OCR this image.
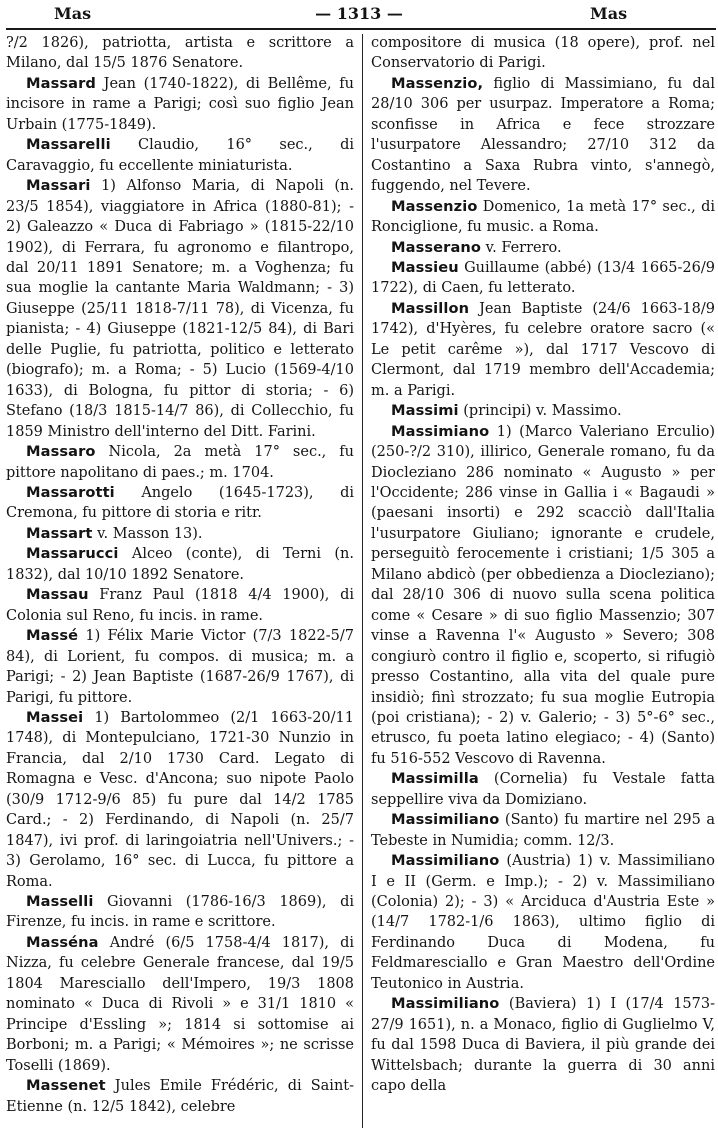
Mas	— 1313 —	Mas

?/2 1826), patriotta, artista e scrittore a Milano, dal 15/5 1876 Senatore.

Massard Jean (1740-1822), di Bellême, fu incisore in rame a Parigi; così suo figlio Jean Urbain (1775-1849).

Massarelli Claudio, 16° sec., di Caravaggio, fu eccellente miniaturista.

Massari 1) Alfonso Maria, di Napoli (n. 23/5 1854), viaggiatore in Africa (1880-81); - 2) Galeazzo « Duca di Fabriago » (1815-22/10 1902), di Ferrara, fu agronomo e filantropo, dal 20/11 1891 Senatore; m. a Voghenza; fu sua moglie la cantante Maria Waldmann; - 3) Giuseppe (25/11 1818-7/11 78), di Vicenza, fu pianista; - 4) Giuseppe (1821-12/5 84), di Bari delle Puglie, fu patriotta, politico e letterato (biografo); m. a Roma; - 5) Lucio (1569-4/10 1633), di Bologna, fu pittor di storia; - 6) Stefano (18/3 1815-14/7 86), di Collecchio, fu 1859 Ministro dell'interno del Ditt. Farini.

Massaro Nicola, 2a metà 17° sec., fu pittore napolitano di paes.; m. 1704.

Massarotti Angelo (1645-1723), di Cremona, fu pittore di storia e ritr.

Massart v. Masson 13).

Massarucci Alceo (conte), di Terni (n. 1832), dal 10/10 1892 Senatore.

Massau Franz Paul (1818 4/4 1900), di Colonia sul Reno, fu incis. in rame.

Massé 1) Félix Marie Victor (7/3 1822-5/7 84), di Lorient, fu compos. di musica; m. a Parigi; - 2) Jean Baptiste (1687-26/9 1767), di Parigi, fu pittore.

Massei 1) Bartolommeo (2/1 1663-20/11 1748), di Montepulciano, 1721-30 Nunzio in Francia, dal 2/10 1730 Card. Legato di Romagna e Vesc. d'Ancona; suo nipote Paolo (30/9 1712-9/6 85) fu pure dal 14/2 1785 Card.; - 2) Ferdinando, di Napoli (n. 25/7 1847), ivi prof. di laringoiatria nell'Univers.; - 3) Gerolamo, 16° sec. di Lucca, fu pittore a Roma.

Masselli Giovanni (1786-16/3 1869), di Firenze, fu incis. in rame e scrittore.

Masséna André (6/5 1758-4/4 1817), di Nizza, fu celebre Generale francese, dal 19/5 1804 Maresciallo dell'Impero, 19/3 1808 nominato « Duca di Rivoli » e 31/1 1810 « Principe d'Essling »; 1814 si sottomise ai Borboni; m. a Parigi; « Mémoires »; ne scrisse Toselli (1869).

Massenet Jules Emile Frédéric, di Saint-Etienne (n. 12/5 1842), celebre

compositore di musica (18 opere), prof. nel Conservatorio di Parigi.

Massenzio, figlio di Massimiano, fu dal 28/10 306 per usurpaz. Imperatore a Roma; sconfisse in Africa e fece strozzare l'usurpatore Alessandro; 27/10 312 da Costantino a Saxa Rubra vinto, s'annegò, fuggendo, nel Tevere.

Massenzio Domenico, 1a metà 17° sec., di Ronciglione, fu music. a Roma.

Masserano v. Ferrero.

Massieu Guillaume (abbé) (13/4 1665-26/9 1722), di Caen, fu letterato.

Massillon Jean Baptiste (24/6 1663-18/9 1742), d'Hyères, fu celebre oratore sacro (« Le petit carême »), dal 1717 Vescovo di Clermont, dal 1719 membro dell'Accademia; m. a Parigi.

Massimi (principi) v. Massimo.

Massimiano 1) (Marco Valeriano Erculio) (250-?/2 310), illirico, Generale romano, fu da Diocleziano 286 nominato « Augusto » per l'Occidente; 286 vinse in Gallia i « Bagaudi » (paesani insorti) e 292 scacciò dall'Italia l'usurpatore Giuliano; ignorante e crudele, perseguitò ferocemente i cristiani; 1/5 305 a Milano abdicò (per obbedienza a Diocleziano); dal 28/10 306 di nuovo sulla scena politica come « Cesare » di suo figlio Massenzio; 307 vinse a Ravenna l'« Augusto » Severo; 308 congiurò contro il figlio e, scoperto, si rifugiò presso Costantino, alla vita del quale pure insidiò; finì strozzato; fu sua moglie Eutropia (poi cristiana); - 2) v. Galerio; - 3) 5°-6° sec., etrusco, fu poeta latino elegiaco; - 4) (Santo) fu 516-552 Vescovo di Ravenna.

Massimilla (Cornelia) fu Vestale fatta seppellire viva da Domiziano.

Massimiliano (Santo) fu martire nel 295 a Tebeste in Numidia; comm. 12/3.

Massimiliano (Austria) 1) v. Massimiliano I e II (Germ. e Imp.); - 2) v. Massimiliano (Colonia) 2); - 3) « Arciduca d'Austria Este » (14/7 1782-1/6 1863), ultimo figlio di Ferdinando Duca di Modena, fu Feldmaresciallo e Gran Maestro dell'Ordine Teutonico in Austria.

Massimiliano (Baviera) 1) I (17/4 1573-27/9 1651), n. a Monaco, figlio di Guglielmo V, fu dal 1598 Duca di Baviera, il più grande dei Wittelsbach; durante la guerra di 30 anni capo della
